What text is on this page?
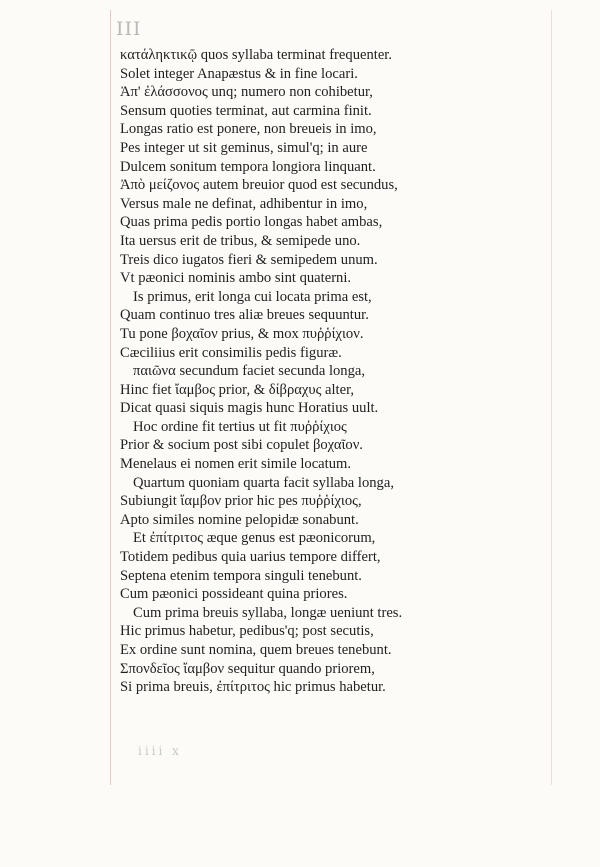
III
κατάληκτικῷ quos syllaba terminat frequenter.
Solet integer Anapæstus & in fine locari.
Ἀπ' ἐλάσσονος unq; numero non cohibetur,
Sensum quoties terminat, aut carmina finit.
Longas ratio est ponere, non breueis in imo,
Pes integer ut sit geminus, simul'q; in aure
Dulcem sonitum tempora longiora linquant.
Ἀπὸ μείζονος autem breuior quod est secundus,
Versus male ne definat, adhibentur in imo,
Quas prima pedis portio longas habet ambas,
Ita uersus erit de tribus, & semipede uno.
Treis dico iugatos fieri & semipedem unum.
Vt pæonici nominis ambo sint quaterni.
Is primus, erit longa cui locata prima est,
Quam continuo tres aliæ breues sequuntur.
Tu pone βοχαῖον prius, & mox πυῤῥίχιον.
Cæciliius erit consimilis pedis figuræ.
παιῶνα secundum faciet secunda longa,
Hinc fiet ἴαμβος prior, & δίβραχυς alter,
Dicat quasi siquis magis hunc Horatius uult.
Hoc ordine fit tertius ut fit πυῤῥίχιος
Prior & socium post sibi copulet βοχαῖον.
Menelaus ei nomen erit simile locatum.
Quartum quoniam quarta facit syllaba longa,
Subiungit ἴαμβον prior hic pes πυῤῥίχιος,
Apto similes nomine pelopidæ sonabunt.
Et ἐπίτριτος æque genus est pæonicorum,
Totidem pedibus quia uarius tempore differt,
Septena etenim tempora singuli tenebunt.
Cum pæonici possideant quina priores.
Cum prima breuis syllaba, longæ ueniunt tres.
Hic primus habetur, pedibus'q; post secutis,
Ex ordine sunt nomina, quem breues tenebunt.
Σπονδεῖος ἴαμβον sequitur quando priorem,
Si prima breuis, ἐπίτριτος hic primus habetur.
iiii x
